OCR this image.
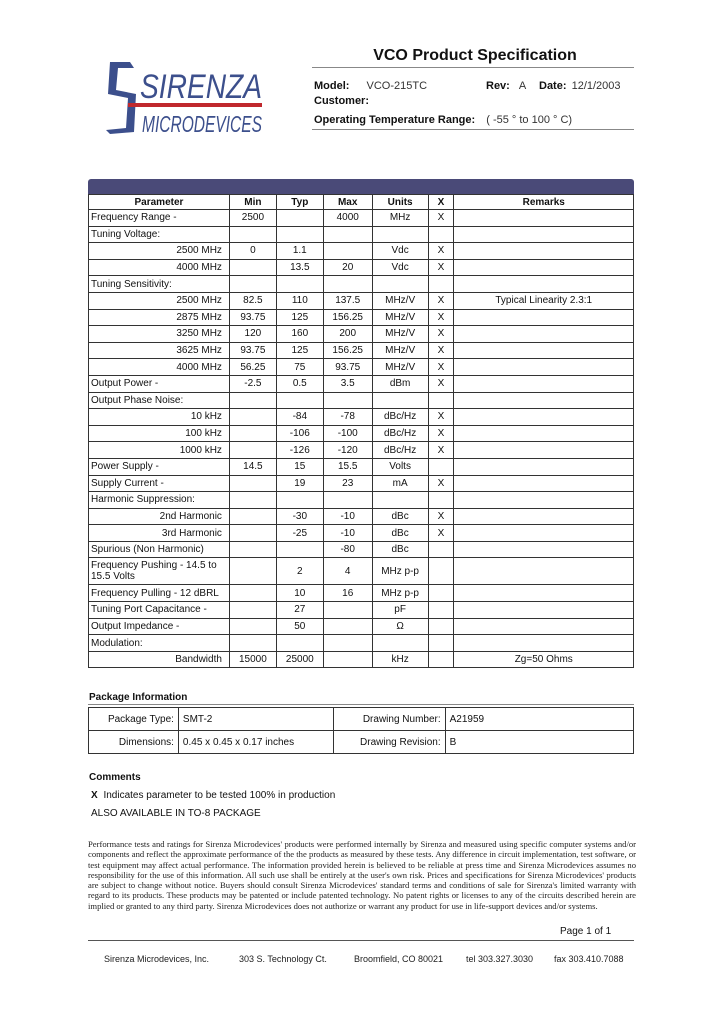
SIRENZA
MICRODEVICES
VCO Product Specification
Model: VCO-215TC	Rev: A Date: 12/1/2003
Customer:
Operating Temperature Range: ( -55 ° to 100 ° C)
Parameter	Min	Typ	Max	Units	X	Remarks
Frequency Range -	2500		4000	MHz	X	
Tuning Voltage:						
2500 MHz	0	1.1		Vdc	X	
4000 MHz		13.5	20	Vdc	X	
Tuning Sensitivity:						
2500 MHz	82.5	110	137.5	MHz/V	X	Typical Linearity 2.3:1
2875 MHz	93.75	125	156.25	MHz/V	X	
3250 MHz	120	160	200	MHz/V	X	
3625 MHz	93.75	125	156.25	MHz/V	X	
4000 MHz	56.25	75	93.75	MHz/V	X	
Output Power -	-2.5	0.5	3.5	dBm	X	
Output Phase Noise:						
10 kHz		-84	-78	dBc/Hz	X	
100 kHz		-106	-100	dBc/Hz	X	
1000 kHz		-126	-120	dBc/Hz	X	
Power Supply -	14.5	15	15.5	Volts		
Supply Current -		19	23	mA	X	
Harmonic Suppression:						
2nd Harmonic		-30	-10	dBc	X	
3rd Harmonic		-25	-10	dBc	X	
Spurious (Non Harmonic)			-80	dBc		
Frequency Pushing - 14.5 to 15.5 Volts		2	4	MHz p-p		
Frequency Pulling - 12 dBRL		10	16	MHz p-p		
Tuning Port Capacitance -		27		pF		
Output Impedance -		50		Ω		
Modulation:						
Bandwidth	15000	25000		kHz		Zg=50 Ohms
Package Information
Package Type:	SMT-2	Drawing Number:	A21959
Dimensions:	0.45 x 0.45 x 0.17 inches	Drawing Revision:	B
Comments
X Indicates parameter to be tested 100% in production
ALSO AVAILABLE IN TO-8 PACKAGE
Performance tests and ratings for Sirenza Microdevices' products were performed internally by Sirenza and measured using specific computer systems and/or components and reflect the approximate performance of the the products as measured by these tests. Any difference in circuit implementation, test software, or test equipment may affect actual performance. The information provided herein is believed to be reliable at press time and Sirenza Microdevices assumes no responsibility for the use of this information. All such use shall be entirely at the user's own risk. Prices and specifications for Sirenza Microdevices' products are subject to change without notice. Buyers should consult Sirenza Microdevices' standard terms and conditions of sale for Sirenza's limited warranty with regard to its products. These products may be patented or include patented technology. No patent rights or licenses to any of the circuits described herein are implied or granted to any third party. Sirenza Microdevices does not authorize or warrant any product for use in life-support devices and/or systems.
Page 1 of 1
Sirenza Microdevices, Inc.	303 S. Technology Ct.	Broomfield, CO 80021	tel 303.327.3030 fax 303.410.7088
